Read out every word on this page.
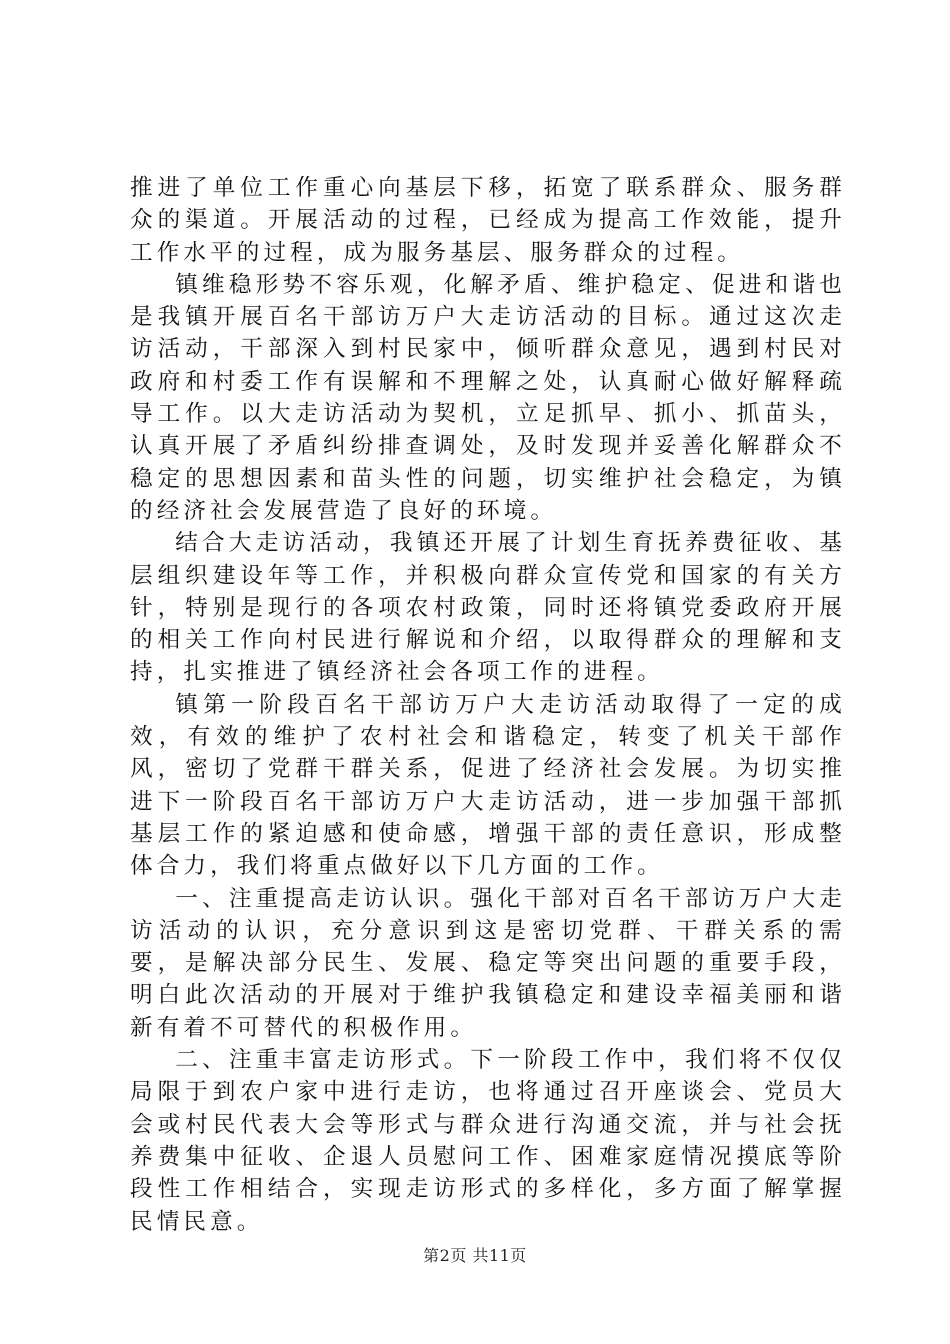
推进了单位工作重心向基层下移，拓宽了联系群众、服务群众的渠道。开展活动的过程，已经成为提高工作效能，提升工作水平的过程，成为服务基层、服务群众的过程。

镇维稳形势不容乐观，化解矛盾、维护稳定、促进和谐也是我镇开展百名干部访万户大走访活动的目标。通过这次走访活动，干部深入到村民家中，倾听群众意见，遇到村民对政府和村委工作有误解和不理解之处，认真耐心做好解释疏导工作。以大走访活动为契机，立足抓早、抓小、抓苗头，认真开展了矛盾纠纷排查调处，及时发现并妥善化解群众不稳定的思想因素和苗头性的问题，切实维护社会稳定，为镇的经济社会发展营造了良好的环境。

结合大走访活动，我镇还开展了计划生育抚养费征收、基层组织建设年等工作，并积极向群众宣传党和国家的有关方针，特别是现行的各项农村政策，同时还将镇党委政府开展的相关工作向村民进行解说和介绍，以取得群众的理解和支持，扎实推进了镇经济社会各项工作的进程。

镇第一阶段百名干部访万户大走访活动取得了一定的成效，有效的维护了农村社会和谐稳定，转变了机关干部作风，密切了党群干群关系，促进了经济社会发展。为切实推进下一阶段百名干部访万户大走访活动，进一步加强干部抓基层工作的紧迫感和使命感，增强干部的责任意识，形成整体合力，我们将重点做好以下几方面的工作。

一、注重提高走访认识。强化干部对百名干部访万户大走访活动的认识，充分意识到这是密切党群、干群关系的需要，是解决部分民生、发展、稳定等突出问题的重要手段，明白此次活动的开展对于维护我镇稳定和建设幸福美丽和谐新有着不可替代的积极作用。

二、注重丰富走访形式。下一阶段工作中，我们将不仅仅局限于到农户家中进行走访，也将通过召开座谈会、党员大会或村民代表大会等形式与群众进行沟通交流，并与社会抚养费集中征收、企退人员慰问工作、困难家庭情况摸底等阶段性工作相结合，实现走访形式的多样化，多方面了解掌握民情民意。

第2页 共11页
